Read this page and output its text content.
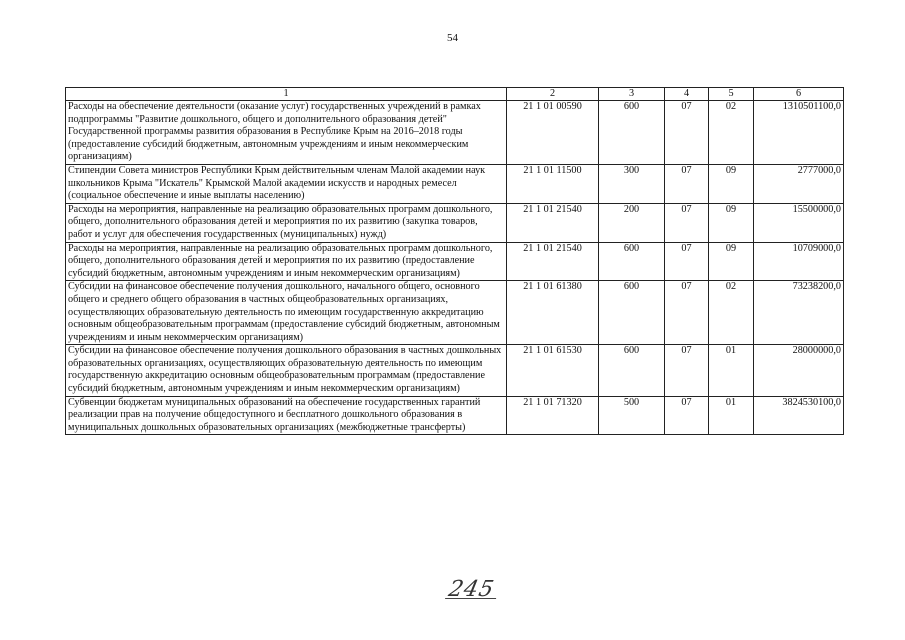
54
1	2	3	4	5	6
Расходы на обеспечение деятельности (оказание услуг) государственных учреждений в рамках подпрограммы "Развитие дошкольного, общего и дополнительного образования детей" Государственной программы развития образования в Республике Крым на 2016–2018 годы (предоставление субсидий бюджетным, автономным учреждениям и иным некоммерческим организациям)	21 1 01 00590	600	07	02	1310501100,0
Стипендии Совета министров Республики Крым действительным членам Малой академии наук школьников Крыма "Искатель" Крымской Малой академии искусств и народных ремесел (социальное обеспечение и иные выплаты населению)	21 1 01 11500	300	07	09	2777000,0
Расходы на мероприятия, направленные на реализацию образовательных программ дошкольного, общего, дополнительного образования детей и мероприятия по их развитию (закупка товаров, работ и услуг для обеспечения государственных (муниципальных) нужд)	21 1 01 21540	200	07	09	15500000,0
Расходы на мероприятия, направленные на реализацию образовательных программ дошкольного, общего, дополнительного образования детей и мероприятия по их развитию (предоставление субсидий бюджетным, автономным учреждениям и иным некоммерческим организациям)	21 1 01 21540	600	07	09	10709000,0
Субсидии на финансовое обеспечение получения дошкольного, начального общего, основного общего и среднего общего образования в частных общеобразовательных организациях, осуществляющих образовательную деятельность по имеющим государственную аккредитацию основным общеобразовательным программам (предоставление субсидий бюджетным, автономным учреждениям и иным некоммерческим организациям)	21 1 01 61380	600	07	02	73238200,0
Субсидии на финансовое обеспечение получения дошкольного образования в частных дошкольных образовательных организациях, осуществляющих образовательную деятельность по имеющим государственную аккредитацию основным общеобразовательным программам (предоставление субсидий бюджетным, автономным учреждениям и иным некоммерческим организациям)	21 1 01 61530	600	07	01	28000000,0
Субвенции бюджетам муниципальных образований на обеспечение государственных гарантий реализации прав на получение общедоступного и бесплатного дошкольного образования в муниципальных дошкольных образовательных организациях (межбюджетные трансферты)	21 1 01 71320	500	07	01	3824530100,0
245
